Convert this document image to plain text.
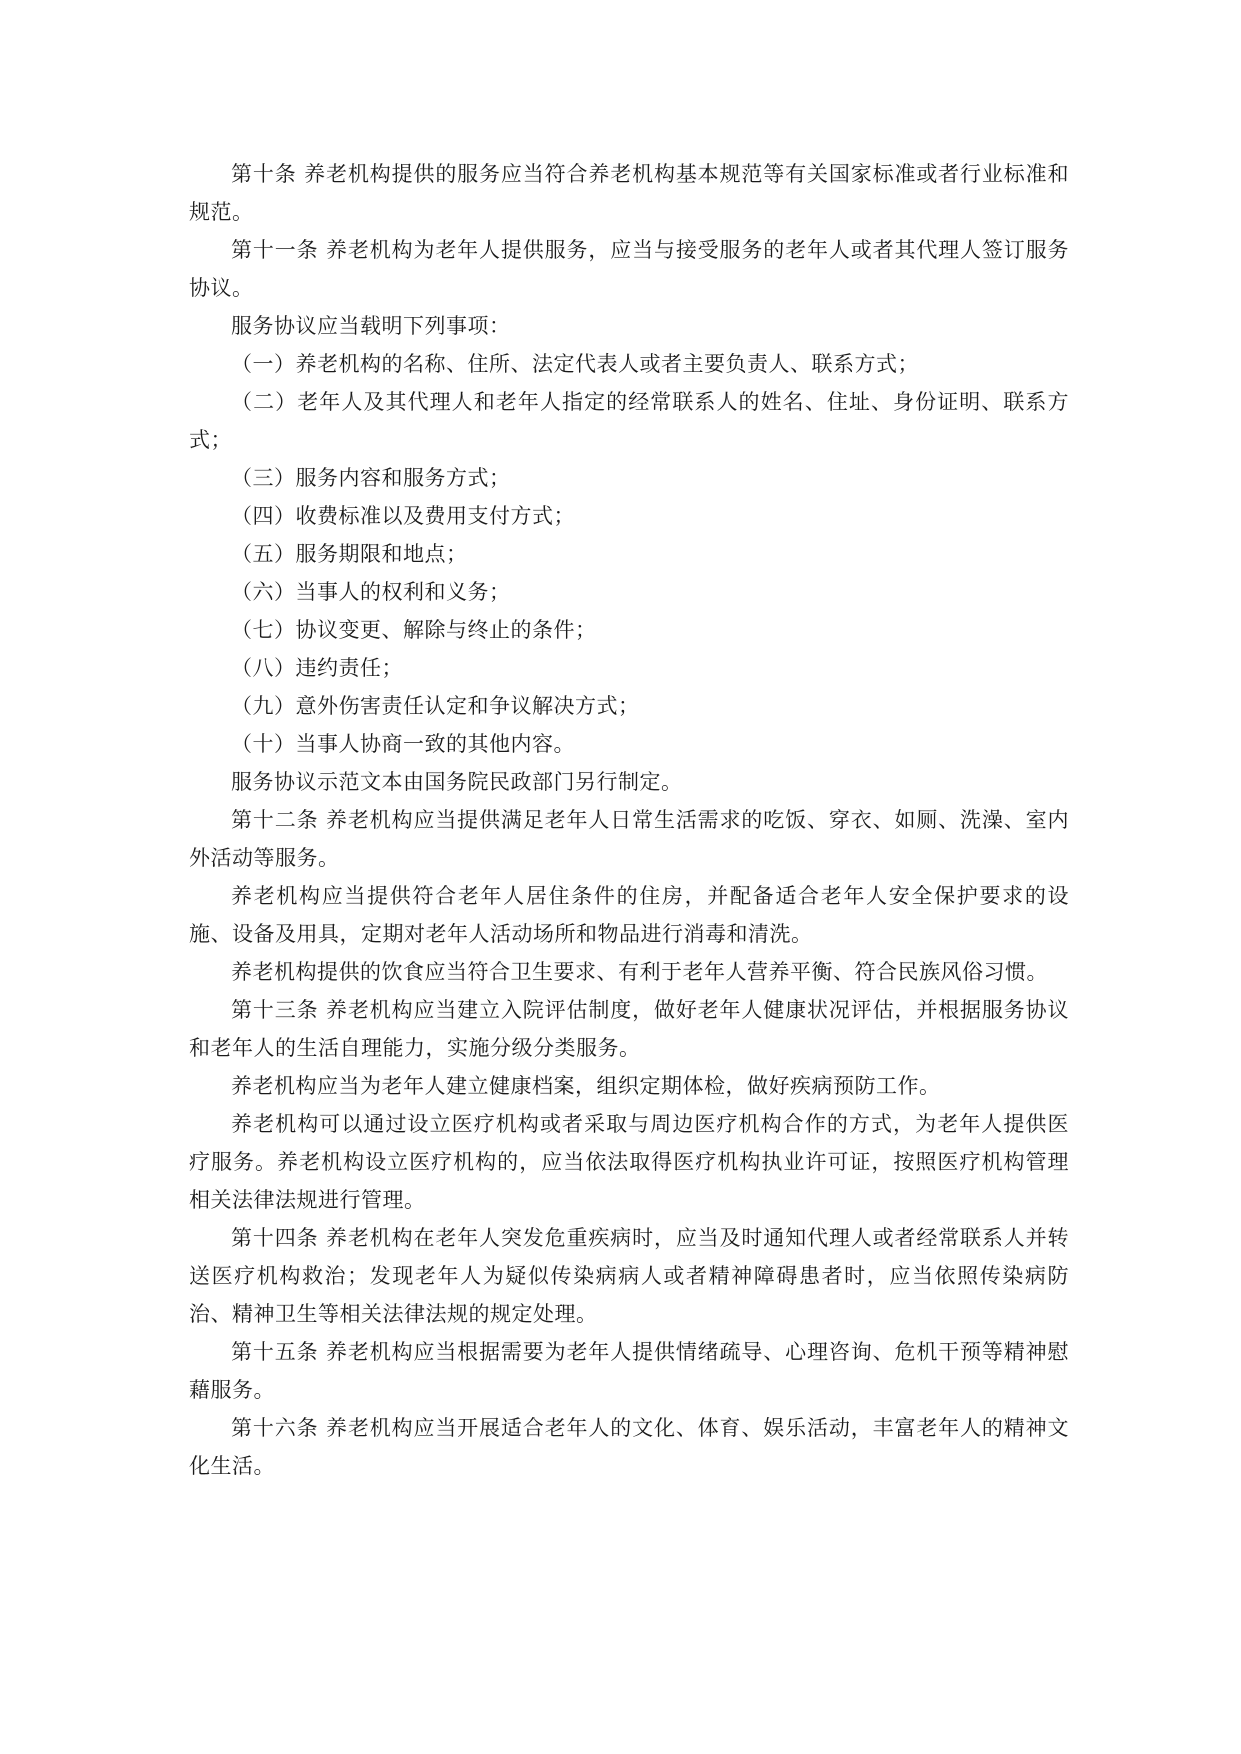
第十条 养老机构提供的服务应当符合养老机构基本规范等有关国家标准或者行业标准和规范。

第十一条 养老机构为老年人提供服务，应当与接受服务的老年人或者其代理人签订服务协议。

服务协议应当载明下列事项：

（一）养老机构的名称、住所、法定代表人或者主要负责人、联系方式；

（二）老年人及其代理人和老年人指定的经常联系人的姓名、住址、身份证明、联系方式；

（三）服务内容和服务方式；

（四）收费标准以及费用支付方式；

（五）服务期限和地点；

（六）当事人的权利和义务；

（七）协议变更、解除与终止的条件；

（八）违约责任；

（九）意外伤害责任认定和争议解决方式；

（十）当事人协商一致的其他内容。

服务协议示范文本由国务院民政部门另行制定。

第十二条 养老机构应当提供满足老年人日常生活需求的吃饭、穿衣、如厕、洗澡、室内外活动等服务。

养老机构应当提供符合老年人居住条件的住房，并配备适合老年人安全保护要求的设施、设备及用具，定期对老年人活动场所和物品进行消毒和清洗。

养老机构提供的饮食应当符合卫生要求、有利于老年人营养平衡、符合民族风俗习惯。

第十三条 养老机构应当建立入院评估制度，做好老年人健康状况评估，并根据服务协议和老年人的生活自理能力，实施分级分类服务。

养老机构应当为老年人建立健康档案，组织定期体检，做好疾病预防工作。

养老机构可以通过设立医疗机构或者采取与周边医疗机构合作的方式，为老年人提供医疗服务。养老机构设立医疗机构的，应当依法取得医疗机构执业许可证，按照医疗机构管理相关法律法规进行管理。

第十四条 养老机构在老年人突发危重疾病时，应当及时通知代理人或者经常联系人并转送医疗机构救治；发现老年人为疑似传染病病人或者精神障碍患者时，应当依照传染病防治、精神卫生等相关法律法规的规定处理。

第十五条 养老机构应当根据需要为老年人提供情绪疏导、心理咨询、危机干预等精神慰藉服务。

第十六条 养老机构应当开展适合老年人的文化、体育、娱乐活动，丰富老年人的精神文化生活。
